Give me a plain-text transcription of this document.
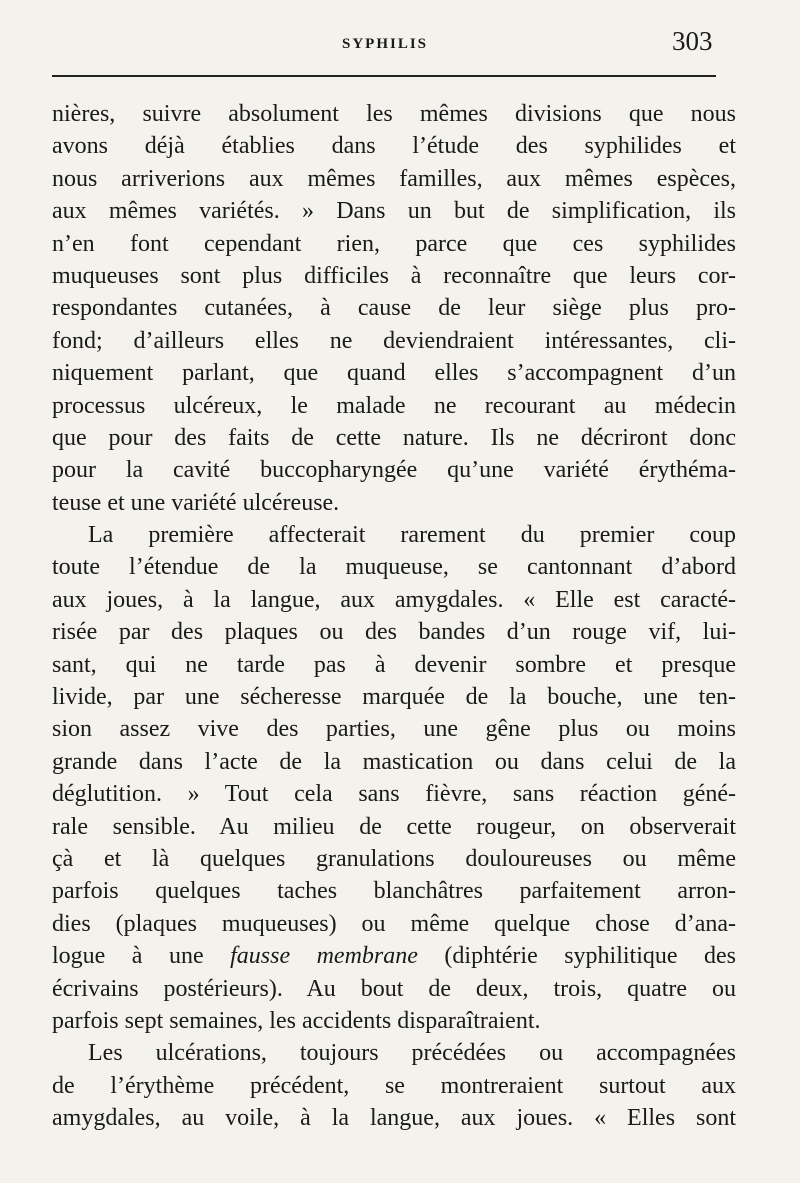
SYPHILIS	303
nières, suivre absolument les mêmes divisions que nous
avons déjà établies dans l’étude des syphilides et
nous arriverions aux mêmes familles, aux mêmes espèces,
aux mêmes variétés. » Dans un but de simplification, ils
n’en font cependant rien, parce que ces syphilides
muqueuses sont plus difficiles à reconnaître que leurs cor-
respondantes cutanées, à cause de leur siège plus pro-
fond; d’ailleurs elles ne deviendraient intéressantes, cli-
niquement parlant, que quand elles s’accompagnent d’un
processus ulcéreux, le malade ne recourant au médecin
que pour des faits de cette nature. Ils ne décriront donc
pour la cavité buccopharyngée qu’une variété érythéma-
teuse et une variété ulcéreuse.
La première affecterait rarement du premier coup
toute l’étendue de la muqueuse, se cantonnant d’abord
aux joues, à la langue, aux amygdales. « Elle est caracté-
risée par des plaques ou des bandes d’un rouge vif, lui-
sant, qui ne tarde pas à devenir sombre et presque
livide, par une sécheresse marquée de la bouche, une ten-
sion assez vive des parties, une gêne plus ou moins
grande dans l’acte de la mastication ou dans celui de la
déglutition. » Tout cela sans fièvre, sans réaction géné-
rale sensible. Au milieu de cette rougeur, on observerait
çà et là quelques granulations douloureuses ou même
parfois quelques taches blanchâtres parfaitement arron-
dies (plaques muqueuses) ou même quelque chose d’ana-
logue à une fausse membrane (diphtérie syphilitique des
écrivains postérieurs). Au bout de deux, trois, quatre ou
parfois sept semaines, les accidents disparaîtraient.
Les ulcérations, toujours précédées ou accompagnées
de l’érythème précédent, se montreraient surtout aux
amygdales, au voile, à la langue, aux joues. « Elles sont
